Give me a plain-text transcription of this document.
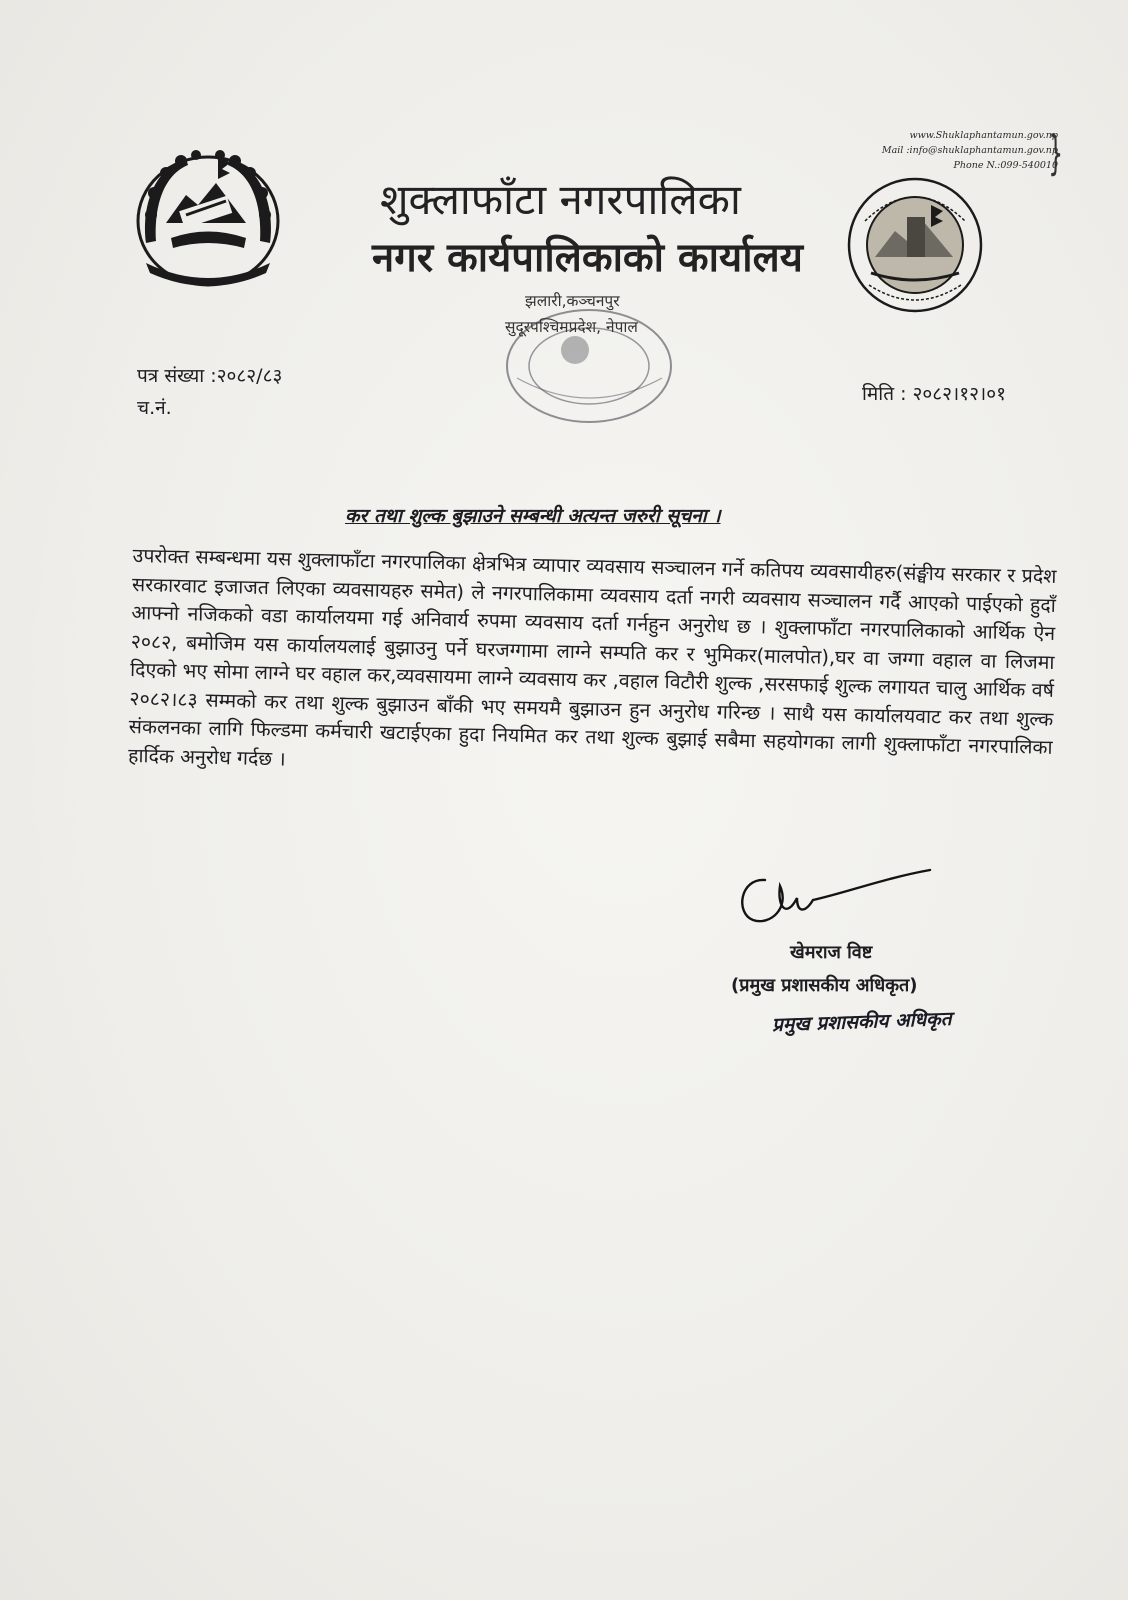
www.Shuklaphantamun.gov.np
Mail :info@shuklaphantamun.gov.np
Phone N.:099-540010
}
शुक्लाफाँटा नगरपालिका
नगर कार्यपालिकाको कार्यालय
झलारी,कञ्चनपुर
सुदूरपश्चिमप्रदेश, नेपाल
पत्र संख्या :२०८२/८३
च.नं.
मिति : २०८२।१२।०१
कर तथा शुल्क बुझाउने सम्बन्धी अत्यन्त जरुरी सूचना ।
उपरोक्त सम्बन्धमा यस शुक्लाफाँटा नगरपालिका क्षेत्रभित्र व्यापार व्यवसाय सञ्चालन गर्ने कतिपय व्यवसायीहरु(संङ्घीय सरकार र प्रदेश सरकारवाट इजाजत लिएका व्यवसायहरु समेत) ले नगरपालिकामा व्यवसाय दर्ता नगरी व्यवसाय सञ्चालन गर्दै आएको पाईएको हुदाँ आफ्नो नजिकको वडा कार्यालयमा गई अनिवार्य रुपमा व्यवसाय दर्ता गर्नहुन अनुरोध छ । शुक्लाफाँटा नगरपालिकाको आर्थिक ऐन २०८२, बमोजिम यस कार्यालयलाई बुझाउनु पर्ने घरजग्गामा लाग्ने सम्पति कर र भुमिकर(मालपोत),घर वा जग्गा वहाल वा लिजमा दिएको भए सोमा लाग्ने घर वहाल कर,व्यवसायमा लाग्ने व्यवसाय कर ,वहाल विटौरी शुल्क ,सरसफाई शुल्क लगायत चालु आर्थिक वर्ष २०८२।८३ सम्मको कर तथा शुल्क बुझाउन बाँकी भए समयमै बुझाउन हुन अनुरोध गरिन्छ । साथै यस कार्यालयवाट कर तथा शुल्क संकलनका लागि फिल्डमा कर्मचारी खटाईएका हुदा नियमित कर तथा शुल्क बुझाई सबैमा सहयोगका लागी शुक्लाफाँटा नगरपालिका हार्दिक अनुरोध गर्दछ ।
खेमराज विष्ट
(प्रमुख प्रशासकीय अधिकृत)
प्रमुख प्रशासकीय अधिकृत
